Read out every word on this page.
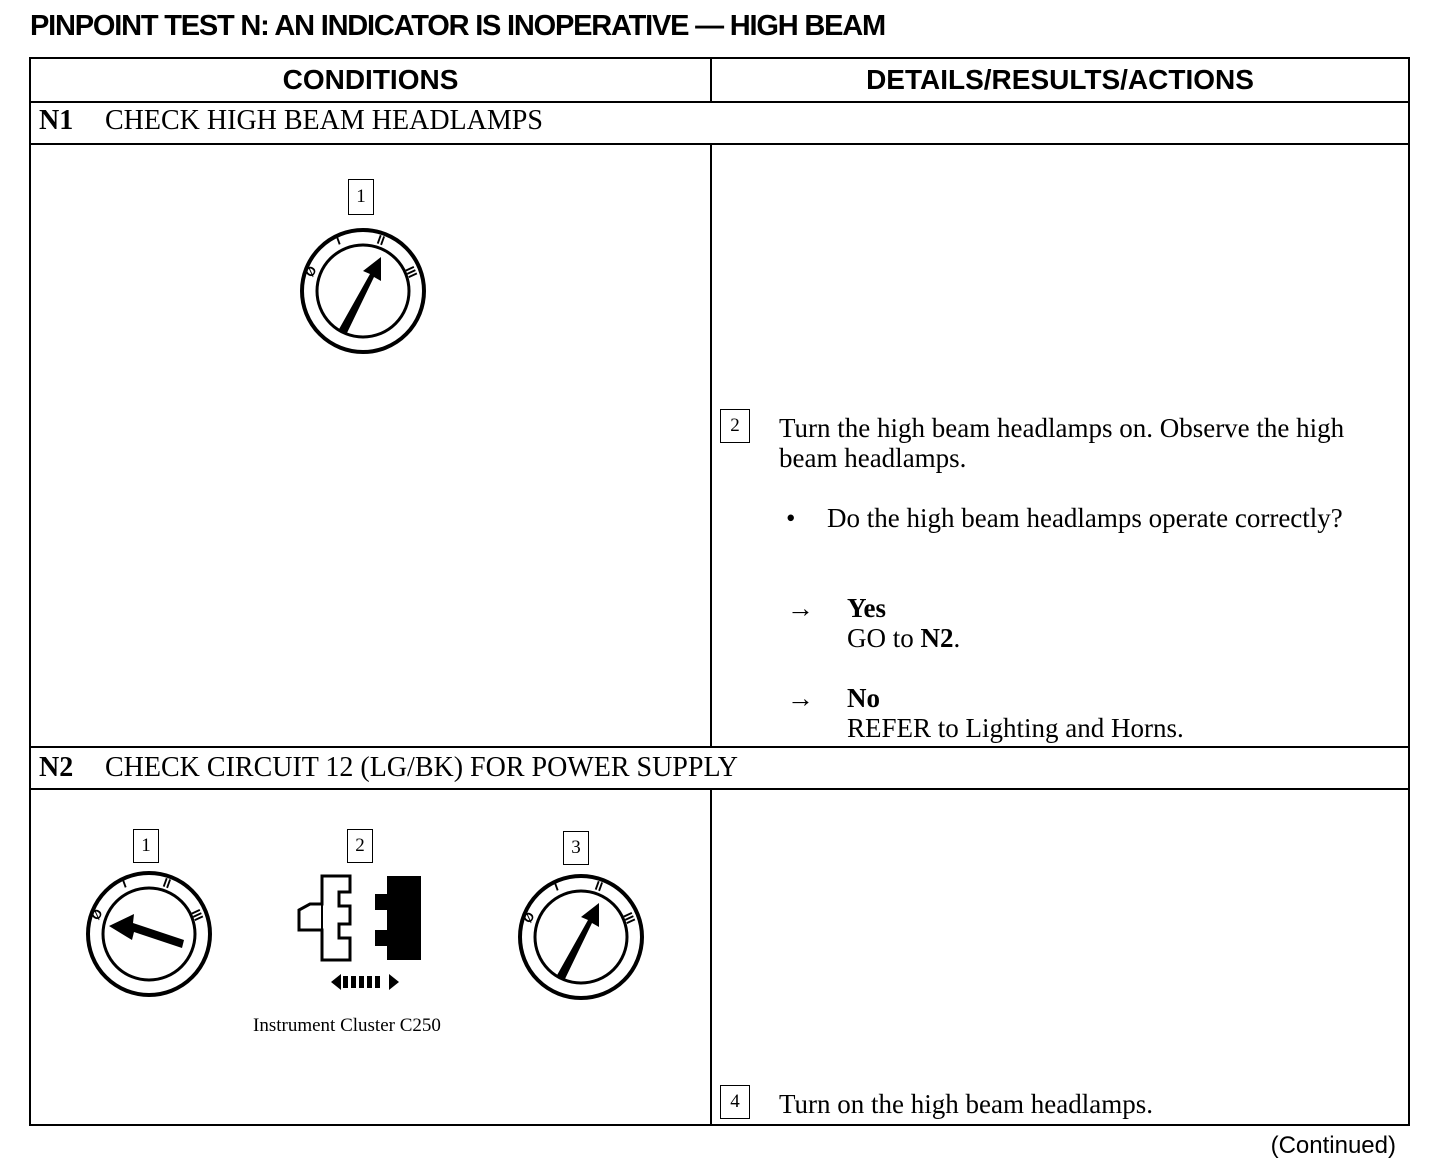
PINPOINT TEST N: AN INDICATOR IS INOPERATIVE — HIGH BEAM
CONDITIONS	DETAILS/RESULTS/ACTIONS
N1 CHECK HIGH BEAM HEADLAMPS
1
Ø
I	II
III
2	Turn the high beam headlamps on. Observe the high beam headlamps.
• Do the high beam headlamps operate correctly?
→ Yes
GO to N2.
→ No
REFER to Lighting and Horns.
N2 CHECK CIRCUIT 12 (LG/BK) FOR POWER SUPPLY
1	2	3
Ø
I	II
III
Instrument Cluster C250
Ø
I	II
III
4	Turn on the high beam headlamps.
(Continued)
